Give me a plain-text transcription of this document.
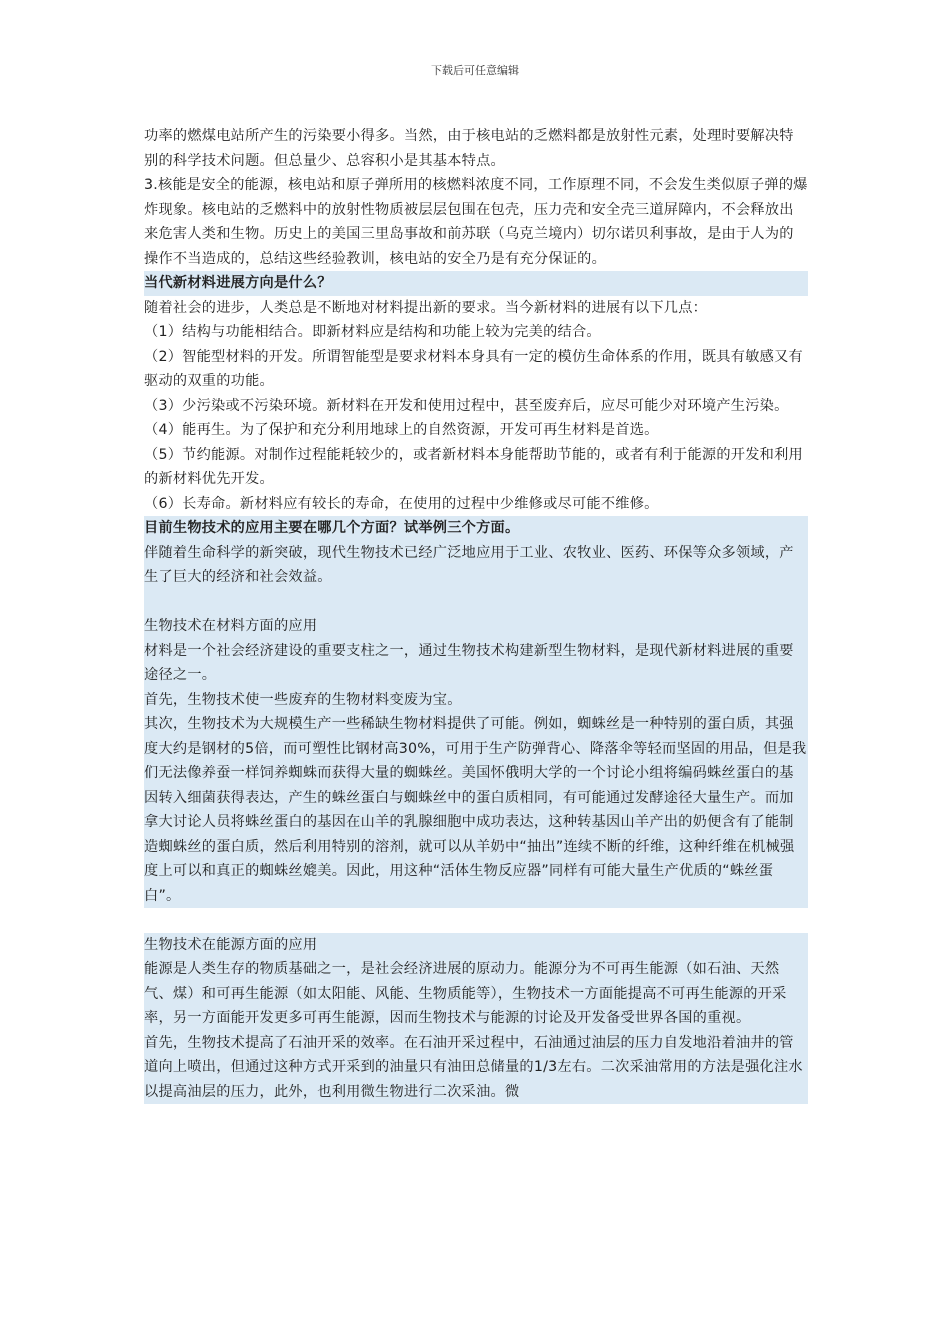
下载后可任意编辑

功率的燃煤电站所产生的污染要小得多。当然，由于核电站的乏燃料都是放射性元素，处理时要解决特别的科学技术问题。但总量少、总容积小是其基本特点。

3.核能是安全的能源，核电站和原子弹所用的核燃料浓度不同，工作原理不同，不会发生类似原子弹的爆炸现象。核电站的乏燃料中的放射性物质被层层包围在包壳，压力壳和安全壳三道屏障内，不会释放出来危害人类和生物。历史上的美国三里岛事故和前苏联（乌克兰境内）切尔诺贝利事故，是由于人为的操作不当造成的，总结这些经验教训，核电站的安全乃是有充分保证的。

当代新材料进展方向是什么？

随着社会的进步，人类总是不断地对材料提出新的要求。当今新材料的进展有以下几点：

（1）结构与功能相结合。即新材料应是结构和功能上较为完美的结合。

（2）智能型材料的开发。所谓智能型是要求材料本身具有一定的模仿生命体系的作用，既具有敏感又有驱动的双重的功能。

（3）少污染或不污染环境。新材料在开发和使用过程中，甚至废弃后，应尽可能少对环境产生污染。

（4）能再生。为了保护和充分利用地球上的自然资源，开发可再生材料是首选。

（5）节约能源。对制作过程能耗较少的，或者新材料本身能帮助节能的，或者有利于能源的开发和利用的新材料优先开发。

（6）长寿命。新材料应有较长的寿命，在使用的过程中少维修或尽可能不维修。

目前生物技术的应用主要在哪几个方面？试举例三个方面。

伴随着生命科学的新突破，现代生物技术已经广泛地应用于工业、农牧业、医药、环保等众多领域，产生了巨大的经济和社会效益。

生物技术在材料方面的应用

材料是一个社会经济建设的重要支柱之一，通过生物技术构建新型生物材料，是现代新材料进展的重要途径之一。

首先，生物技术使一些废弃的生物材料变废为宝。

其次，生物技术为大规模生产一些稀缺生物材料提供了可能。例如，蜘蛛丝是一种特别的蛋白质，其强度大约是钢材的5倍，而可塑性比钢材高30%，可用于生产防弹背心、降落伞等轻而坚固的用品，但是我们无法像养蚕一样饲养蜘蛛而获得大量的蜘蛛丝。美国怀俄明大学的一个讨论小组将编码蛛丝蛋白的基因转入细菌获得表达，产生的蛛丝蛋白与蜘蛛丝中的蛋白质相同，有可能通过发酵途径大量生产。而加拿大讨论人员将蛛丝蛋白的基因在山羊的乳腺细胞中成功表达，这种转基因山羊产出的奶便含有了能制造蜘蛛丝的蛋白质，然后利用特别的溶剂，就可以从羊奶中“抽出”连续不断的纤维，这种纤维在机械强度上可以和真正的蜘蛛丝媲美。因此，用这种“活体生物反应器”同样有可能大量生产优质的“蛛丝蛋白”。

生物技术在能源方面的应用

能源是人类生存的物质基础之一，是社会经济进展的原动力。能源分为不可再生能源（如石油、天然气、煤）和可再生能源（如太阳能、风能、生物质能等），生物技术一方面能提高不可再生能源的开采率，另一方面能开发更多可再生能源，因而生物技术与能源的讨论及开发备受世界各国的重视。

首先，生物技术提高了石油开采的效率。在石油开采过程中，石油通过油层的压力自发地沿着油井的管道向上喷出，但通过这种方式开采到的油量只有油田总储量的1/3左右。二次采油常用的方法是强化注水以提高油层的压力，此外，也利用微生物进行二次采油。微
